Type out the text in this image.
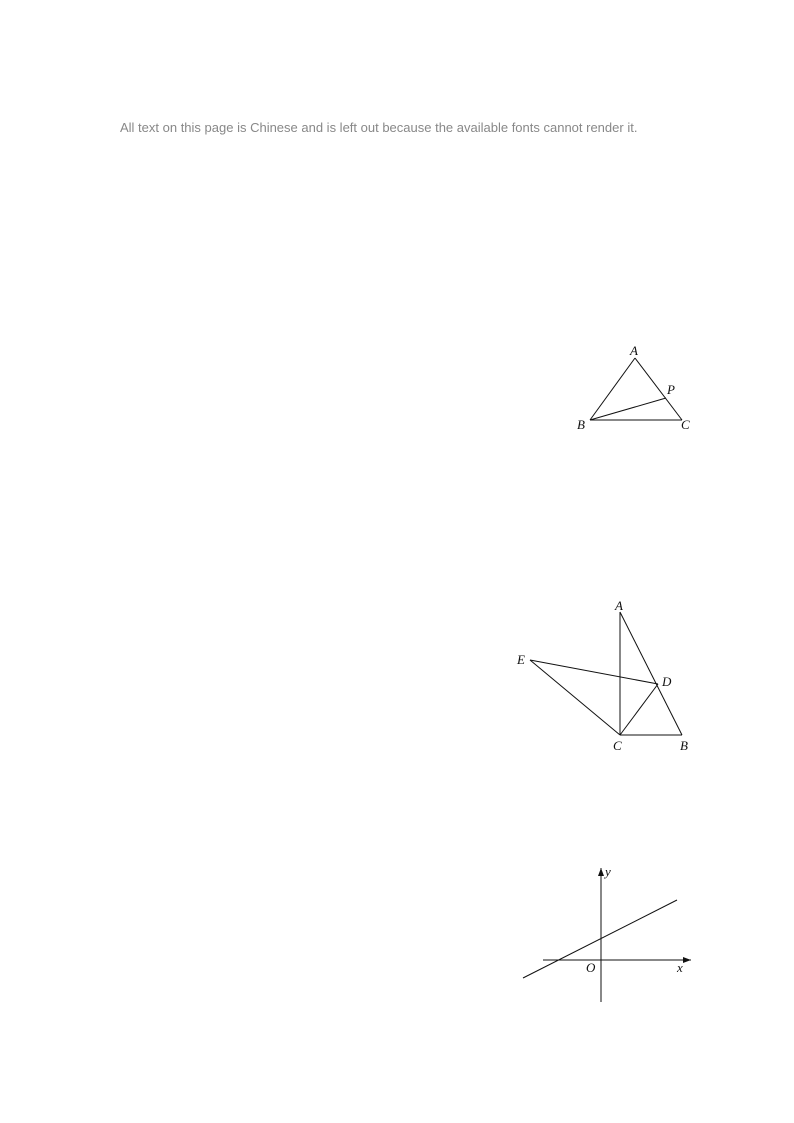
All text on this page is Chinese and is left out because the available fonts cannot render it.
A
B	C
P
A
E
D
C	B
y
x
O
